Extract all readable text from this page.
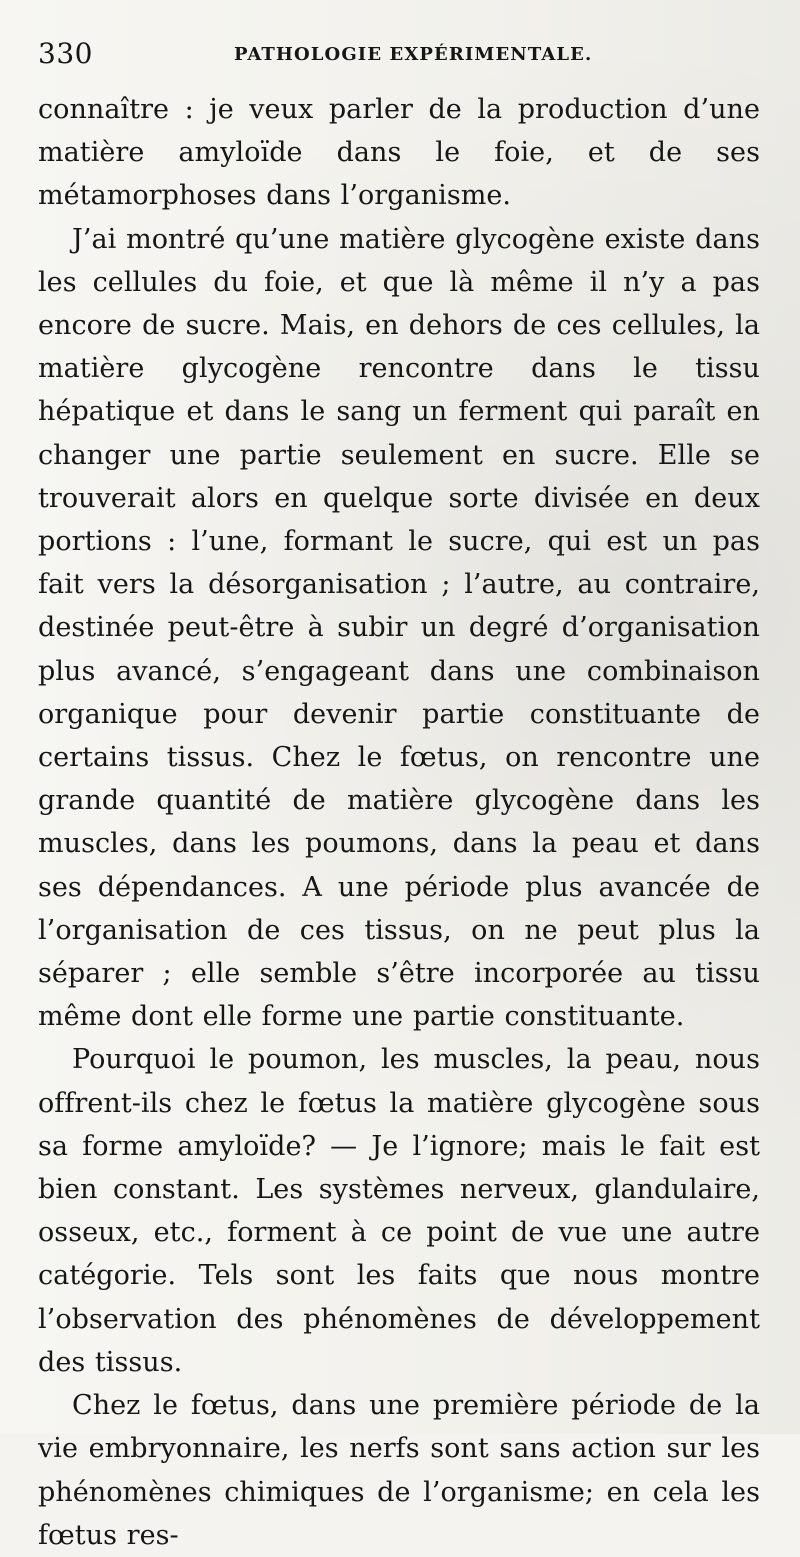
330	PATHOLOGIE EXPÉRIMENTALE.

connaître : je veux parler de la production d’une matière amyloïde dans le foie, et de ses métamorphoses dans l’organisme.

J’ai montré qu’une matière glycogène existe dans les cellules du foie, et que là même il n’y a pas encore de sucre. Mais, en dehors de ces cellules, la matière glycogène rencontre dans le tissu hépatique et dans le sang un ferment qui paraît en changer une partie seulement en sucre. Elle se trouverait alors en quelque sorte divisée en deux portions : l’une, formant le sucre, qui est un pas fait vers la désorganisation ; l’autre, au contraire, destinée peut-être à subir un degré d’organisation plus avancé, s’engageant dans une combinaison organique pour devenir partie constituante de certains tissus. Chez le fœtus, on rencontre une grande quantité de matière glycogène dans les muscles, dans les poumons, dans la peau et dans ses dépendances. A une période plus avancée de l’organisation de ces tissus, on ne peut plus la séparer ; elle semble s’être incorporée au tissu même dont elle forme une partie constituante.

Pourquoi le poumon, les muscles, la peau, nous offrent-ils chez le fœtus la matière glycogène sous sa forme amyloïde? — Je l’ignore; mais le fait est bien constant. Les systèmes nerveux, glandulaire, osseux, etc., forment à ce point de vue une autre catégorie. Tels sont les faits que nous montre l’observation des phénomènes de développement des tissus.

Chez le fœtus, dans une première période de la vie embryonnaire, les nerfs sont sans action sur les phénomènes chimiques de l’organisme; en cela les fœtus res-
